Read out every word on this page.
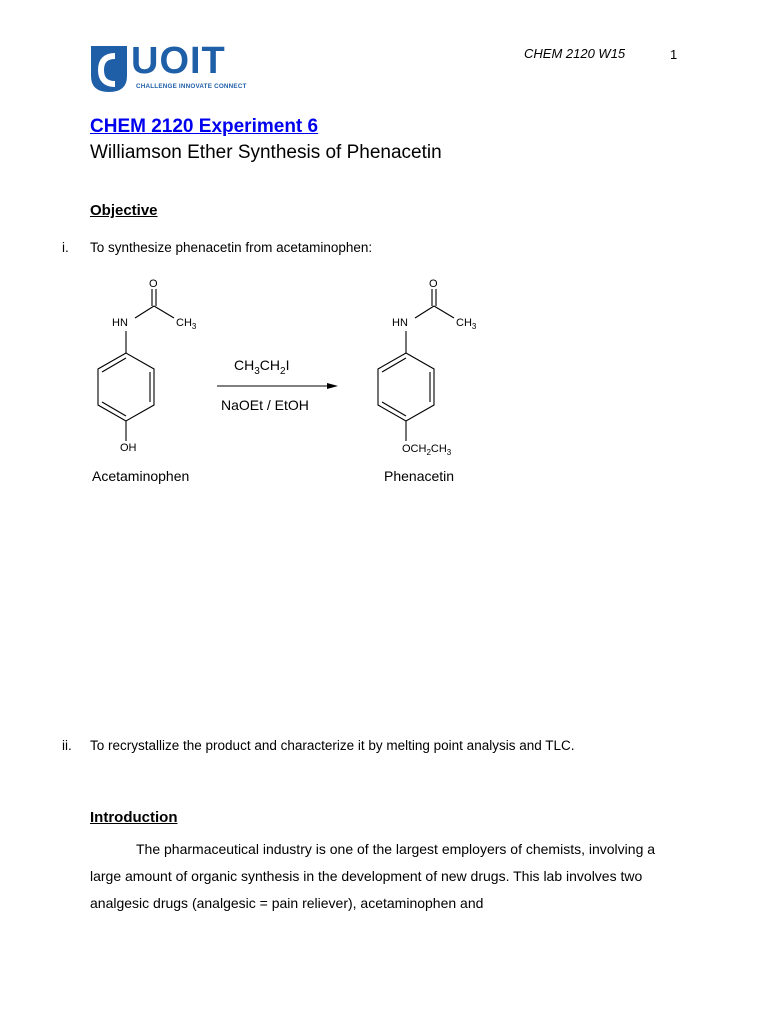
UOIT
CHALLENGE INNOVATE CONNECT
CHEM 2120 W15	1
CHEM 2120 Experiment 6
Williamson Ether Synthesis of Phenacetin
Objective
i. To synthesize phenacetin from acetaminophen:
O
HN	$CH_3$
OH
Acetaminophen
$CH_3CH_2I$
NaOEt / EtOH
O
HN	$CH_3$
$OCH_2CH_3$
Phenacetin
ii. To recrystallize the product and characterize it by melting point analysis and TLC.
Introduction
The pharmaceutical industry is one of the largest employers of chemists, involving a large amount of organic synthesis in the development of new drugs. This lab involves two analgesic drugs (analgesic = pain reliever), acetaminophen and
